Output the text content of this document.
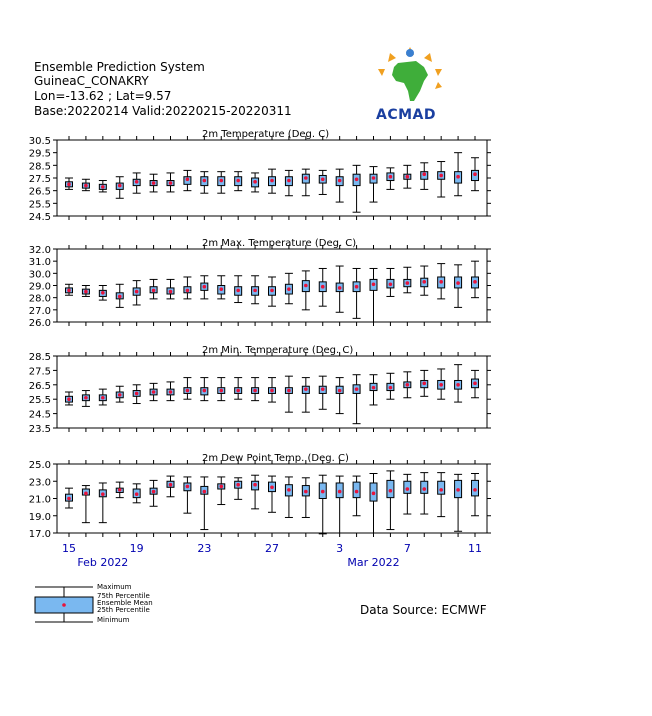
Ensemble Prediction System
GuineaC_CONAKRY
Lon=-13.62 ; Lat=9.57
Base:20220214 Valid:20220215-20220311	ACMAD
2m Temperature (Deg. C)
24.5
25.5
26.5
27.5
28.5
29.5
30.5
2m Max. Temperature (Deg. C)
26.0
27.0
28.0
29.0
30.0
31.0
32.0
2m Min. Temperature (Deg. C)
23.5
24.5
25.5
26.5
27.5
28.5
2m Dew Point Temp. (Deg. C)
17.0
19.0
21.0
23.0
25.0
15	19	23	27	3	7	11
Feb 2022	Mar 2022
Maximum
75th Percentile
Ensemble Mean
25th Percentile
Minimum
Data Source: ECMWF
